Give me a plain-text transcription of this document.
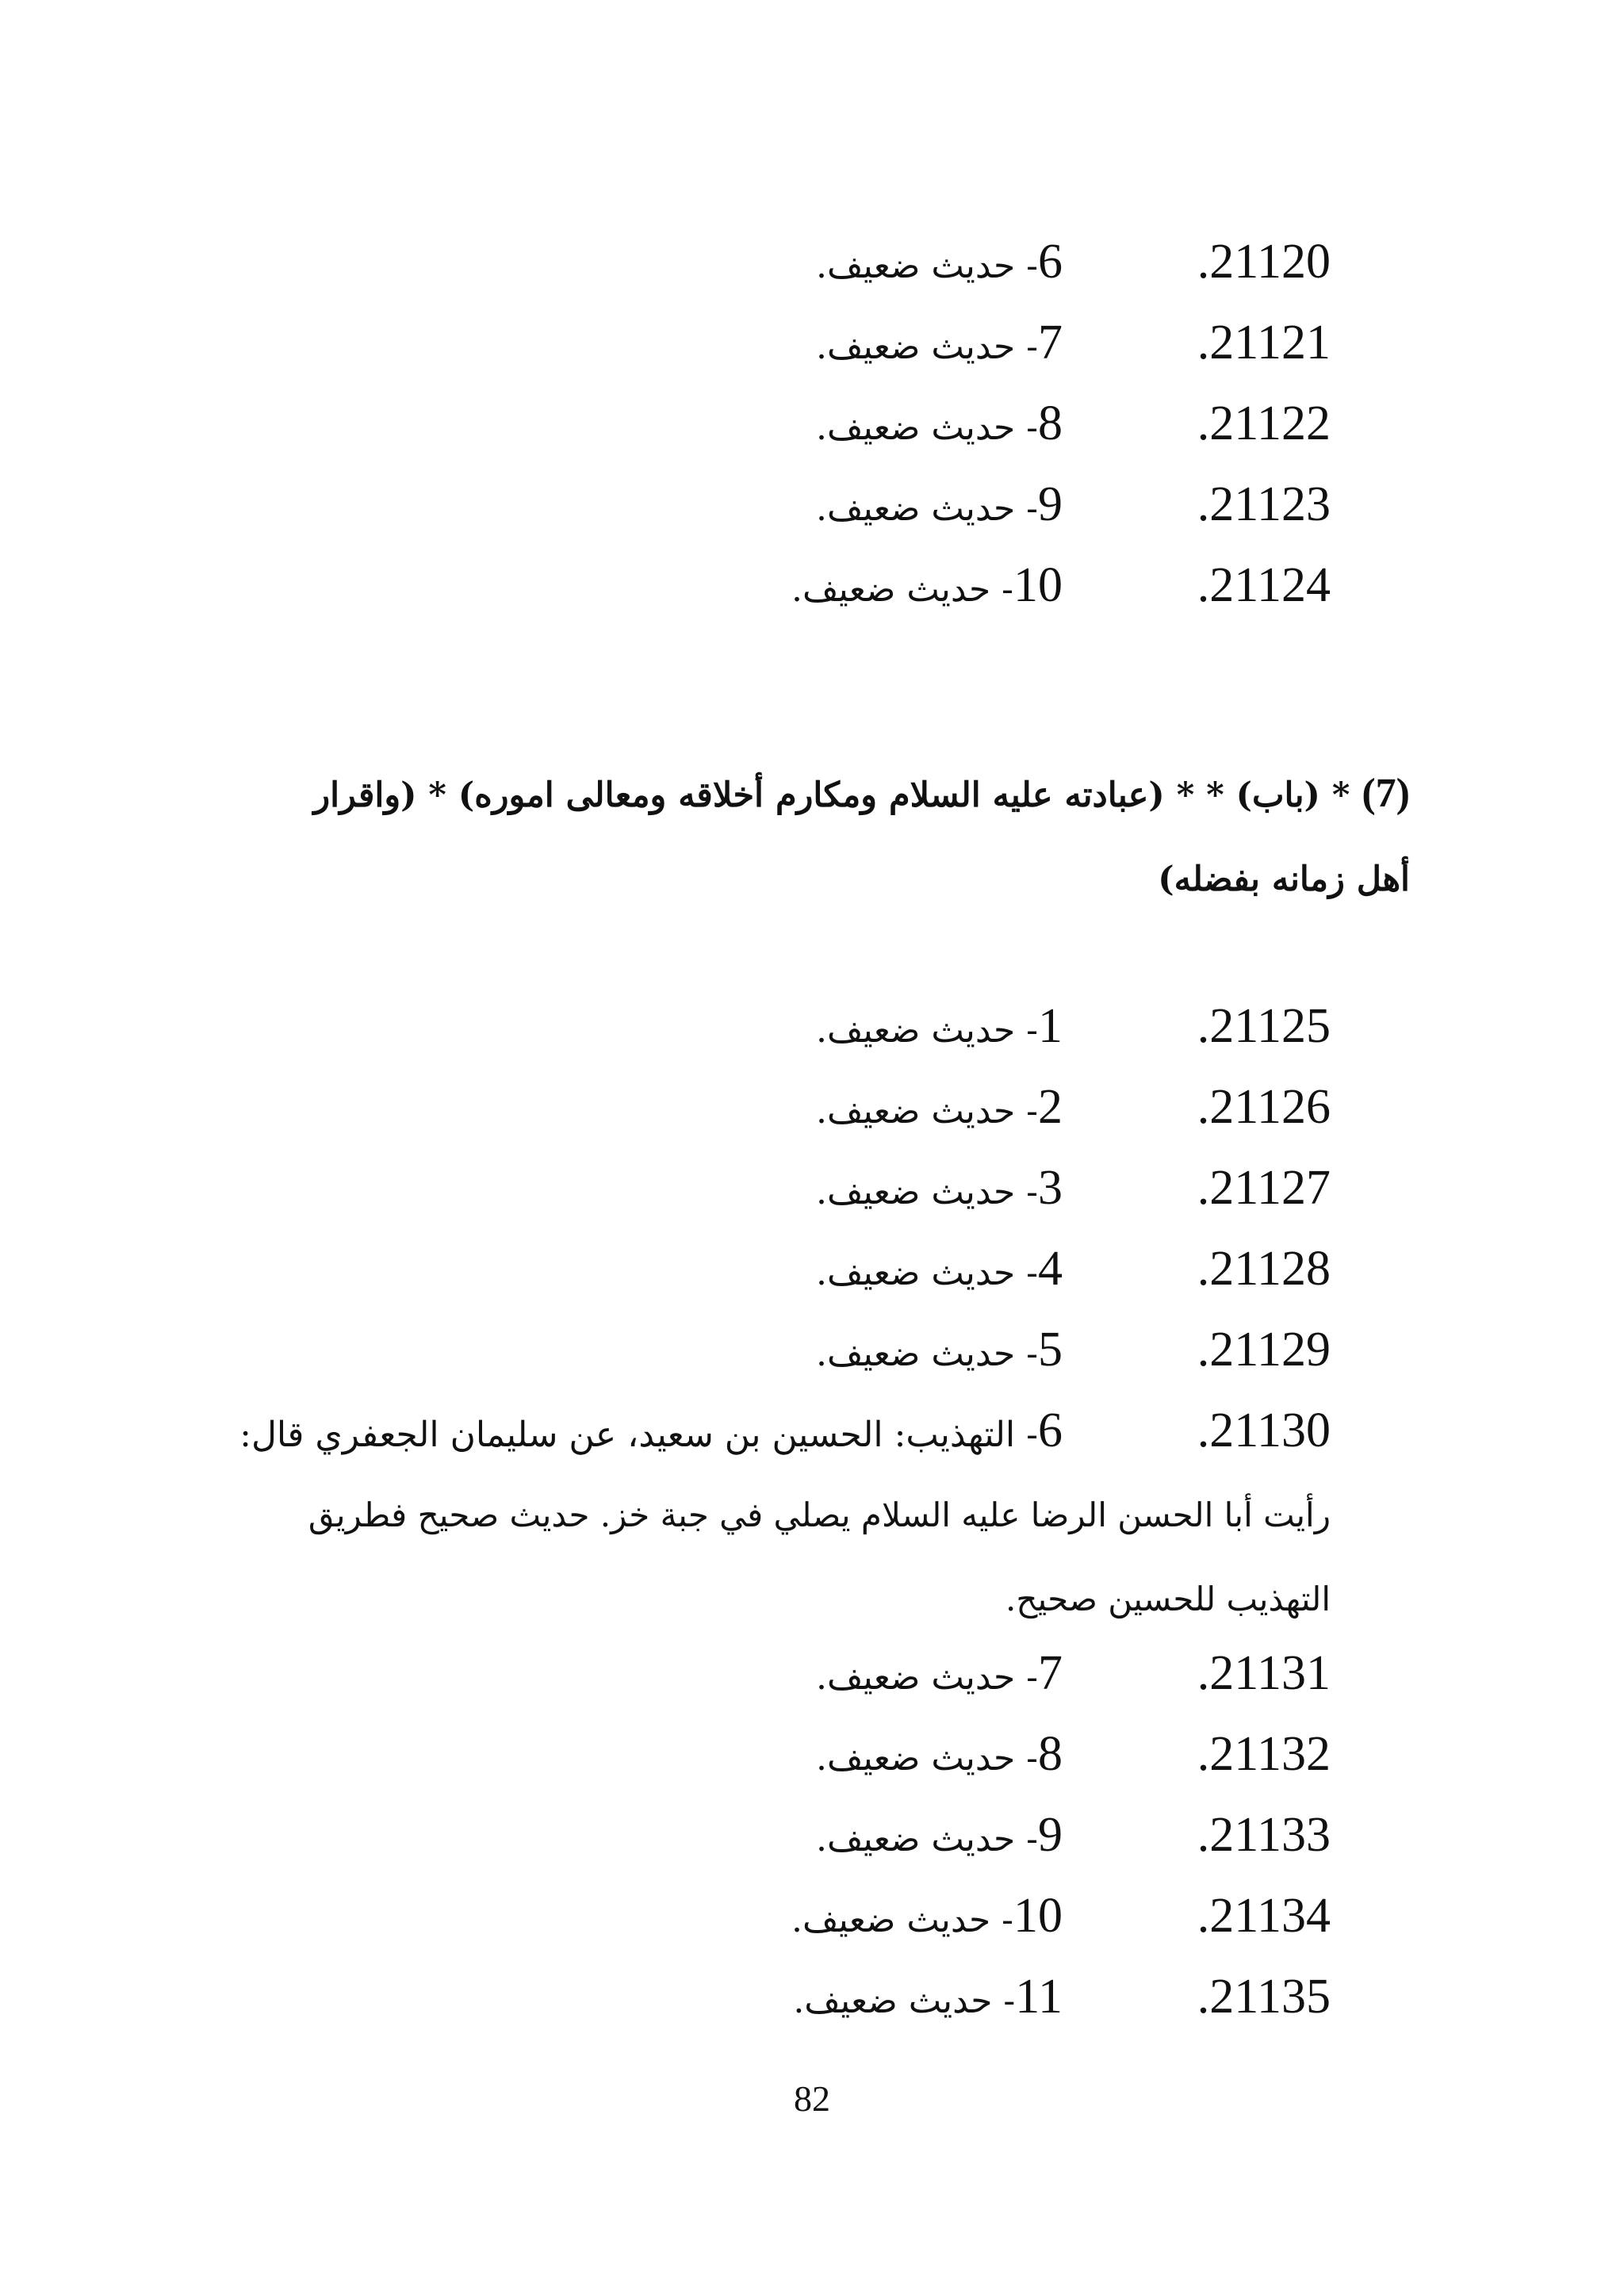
.21120
6- حديث ضعيف.
.21121
7- حديث ضعيف.
.21122
8- حديث ضعيف.
.21123
9- حديث ضعيف.
.21124
10- حديث ضعيف.
(7) * (باب) * * (عبادته عليه السلام ومكارم أخلاقه ومعالى اموره) * (واقرار أهل زمانه بفضله)
.21125
1- حديث ضعيف.
.21126
2- حديث ضعيف.
.21127
3- حديث ضعيف.
.21128
4- حديث ضعيف.
.21129
5- حديث ضعيف.
.21130
6- التهذيب: الحسين بن سعيد، عن سليمان الجعفري قال:
رأيت أبا الحسن الرضا عليه السلام يصلي في جبة خز. حديث صحيح فطريق
التهذيب للحسين صحيح.
.21131
7- حديث ضعيف.
.21132
8- حديث ضعيف.
.21133
9- حديث ضعيف.
.21134
10- حديث ضعيف.
.21135
11- حديث ضعيف.
82
